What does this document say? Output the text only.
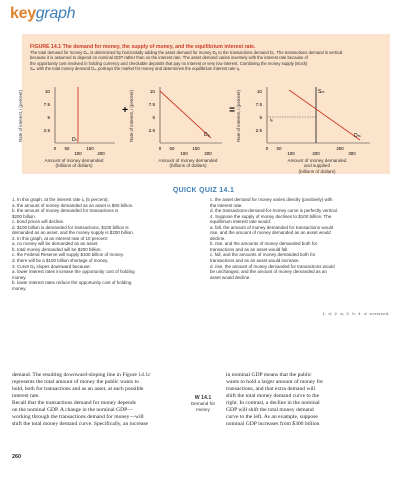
keygraph
FIGURE 14.1 The demand for money, the supply of money, and the equilibrium interest rate.
The total demand for money Dₘ is determined by horizontally adding the asset demand for money Dₐ to the transactions demand Dₜ. The transactions demand is vertical
because it is assumed to depend on nominal GDP rather than on the interest rate. The asset demand varies inversely with the interest rate because of
the opportunity cost involved in holding currency and checkable deposits that pay no interest or very low interest. Combining the money supply (stock)
Sₘ with the total money demand Dₘ portrays the market for money and determines the equilibrium interest rate iₑ.
Rate of interest, i (percent)	10
7.5
5
2.5
Dₜ
0 50	150
100	200
+ Rate of interest, i (percent)	10
7.5
5
2.5
Dₐ
0 50	150
100	200
= Rate of interest, i (percent)	10
7.5
5
2.5
iₑ
Sₘ
Dₘ
0 50	250
100	200	300
Amount of money demanded
(billions of dollars)
Amount of money demanded
(billions of dollars)
Amount of money demanded
and supplied
(billions of dollars)
QUICK QUIZ 14.1
1. In this graph, at the interest rate iₑ (5 percent):
a. the amount of money demanded as an asset is $50 billion.
b. the amount of money demanded for transactions is
$200 billion.
c. bond prices will decline.
d. $100 billion is demanded for transactions, $100 billion is
demanded as an asset, and the money supply is $200 billion.
2. In this graph, at an interest rate of 10 percent:
a. no money will be demanded as an asset.
b. total money demanded will be $200 billion.
c. the Federal Reserve will supply $100 billion of money.
d. there will be a $100 billion shortage of money.
3. Curve Dₐ slopes downward because:
a. lower interest rates increase the opportunity cost of holding
money.
b. lower interest rates reduce the opportunity cost of holding
money.
c. the asset demand for money varies directly (positively) with
the interest rate.
d. the transactions-demand-for-money curve is perfectly vertical.
4. Suppose the supply of money declines to $100 billion. The
equilibrium interest rate would:
a. fall, the amount of money demanded for transactions would
rise, and the amount of money demanded as an asset would
decline.
b. rise, and the amounts of money demanded both for
transactions and as an asset would fall.
c. fall, and the amounts of money demanded both for
transactions and as an asset would increase.
d. rise, the amount of money demanded for transactions would
be unchanged, and the amount of money demanded as an
asset would decline.
1. d; 2. a; 3. b; 4. d :srewsnA
demand. The resulting downward-sloping line in Figure 14.1c
represents the total amount of money the public wants to
hold, both for transactions and as an asset, at each possible
interest rate.
Recall that the transactions demand for money depends
on the nominal GDP. A change in the nominal GDP—
working through the transactions demand for money—will
shift the total money demand curve. Specifically, an increase
W 14.1
Demand for
money
in nominal GDP means that the public
wants to hold a larger amount of money for
transactions, and that extra demand will
shift the total money demand curve to the
right. In contrast, a decline in the nominal
GDP will shift the total money demand
curve to the left. As an example, suppose
nominal GDP increases from $300 billion
260
